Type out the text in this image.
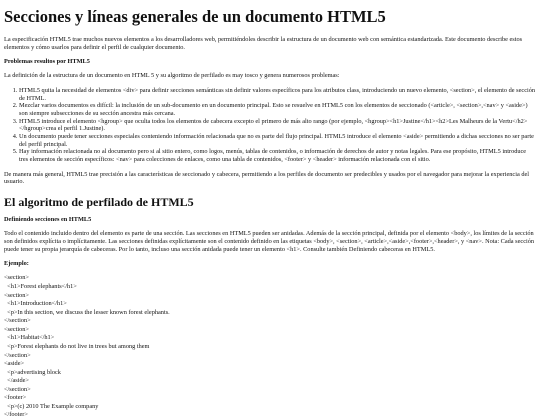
Secciones y líneas generales de un documento HTML5

La especificación HTML5 trae muchos nuevos elementos a los desarrolladores web, permitiéndoles describir la estructura de un documento web con semántica estandarizada. Este documento describe estos elementos y cómo usarlos para definir el perfil de cualquier documento.

Problemas resultos por HTML5

La definición de la estructura de un documento en HTML 5 y su algoritmo de perfilado es may tosco y genera numerosos problemas:

1. HTML5 quita la necesidad de elementos <div> para definir secciones semánticas sin definir valores específicos para los atributos class, introduciendo un nuevo elemento, <section>, el elemento de sección de HTML.
2. Mezclar varios documentos es difícil: la inclusión de un sub-documento en un documento principal. Esto se resuelve en HTML5 con los elementos de seccionado (<article>, <section>,<nav> y <aside>) son siempre subsecciones de su sección ancestra más cercana.
3. HTML5 introduce el elemento <hgroup> que oculta todos los elementos de cabecera excepto el primero de más alto rango (por ejemplo, <hgroup><h1>Justine</h1><h2>Les Malheurs de la Vertu</h2></hgroup>crea el perfil 1.Justine).
4. Un documento puede tener secciones especiales conteniendo información relacionada que no es parte del flujo principal. HTML5 introduce el elemento <aside> permitiendo a dichas secciones no ser parte del perfil principal.
5. Hay información relacionada no al documento pero si al sitio entero, como logos, menús, tablas de contenidos, o información de derechos de autor y notas legales. Para ese propósito, HTML5 introduce tres elementos de sección específicos: <nav> para colecciones de enlaces, como una tabla de contenidos, <footer> y <header> información relacionada con el sitio.

De manera más general, HTML5 trae precisión a las características de seccionado y cabecera, permitiendo a los perfiles de documento ser predecibles y usados por el navegador para mejorar la experiencia del usuario.

El algoritmo de perfilado de HTML5
Definiendo secciones en HTML5

Todo el contenido incluido dentro del elemento es parte de una sección. Las secciones en HTML5 pueden ser anidadas. Además de la sección principal, definida por el elemento <body>, los límites de la sección son definidos explícita o implícitamente. Las secciones definidas explícitamente son el contenido definido en las etiquetas <body>, <section>, <article>,<aside>,<footer>,<header>, y <nav>. Nota: Cada sección puede tener su propia jerarquía de cabeceras. Por lo tanto, incluso una sección anidada puede tener un elemento <h1>. Consulte también Definiendo cabeceras en HTML5.

Ejemplo:
<section>
<h1>Forest elephants</h1>
<section>
<h1>Introduction</h1>
<p>In this section, we discuss the lesser known forest elephants.
</section>
<section>
<h1>Habitat</h1>
<p>Forest elephants do not live in trees but among them
</section>
<aside>
<p>advertising block
</aside>
</section>
<footer>
<p>(c) 2010 The Example company
</footer>
